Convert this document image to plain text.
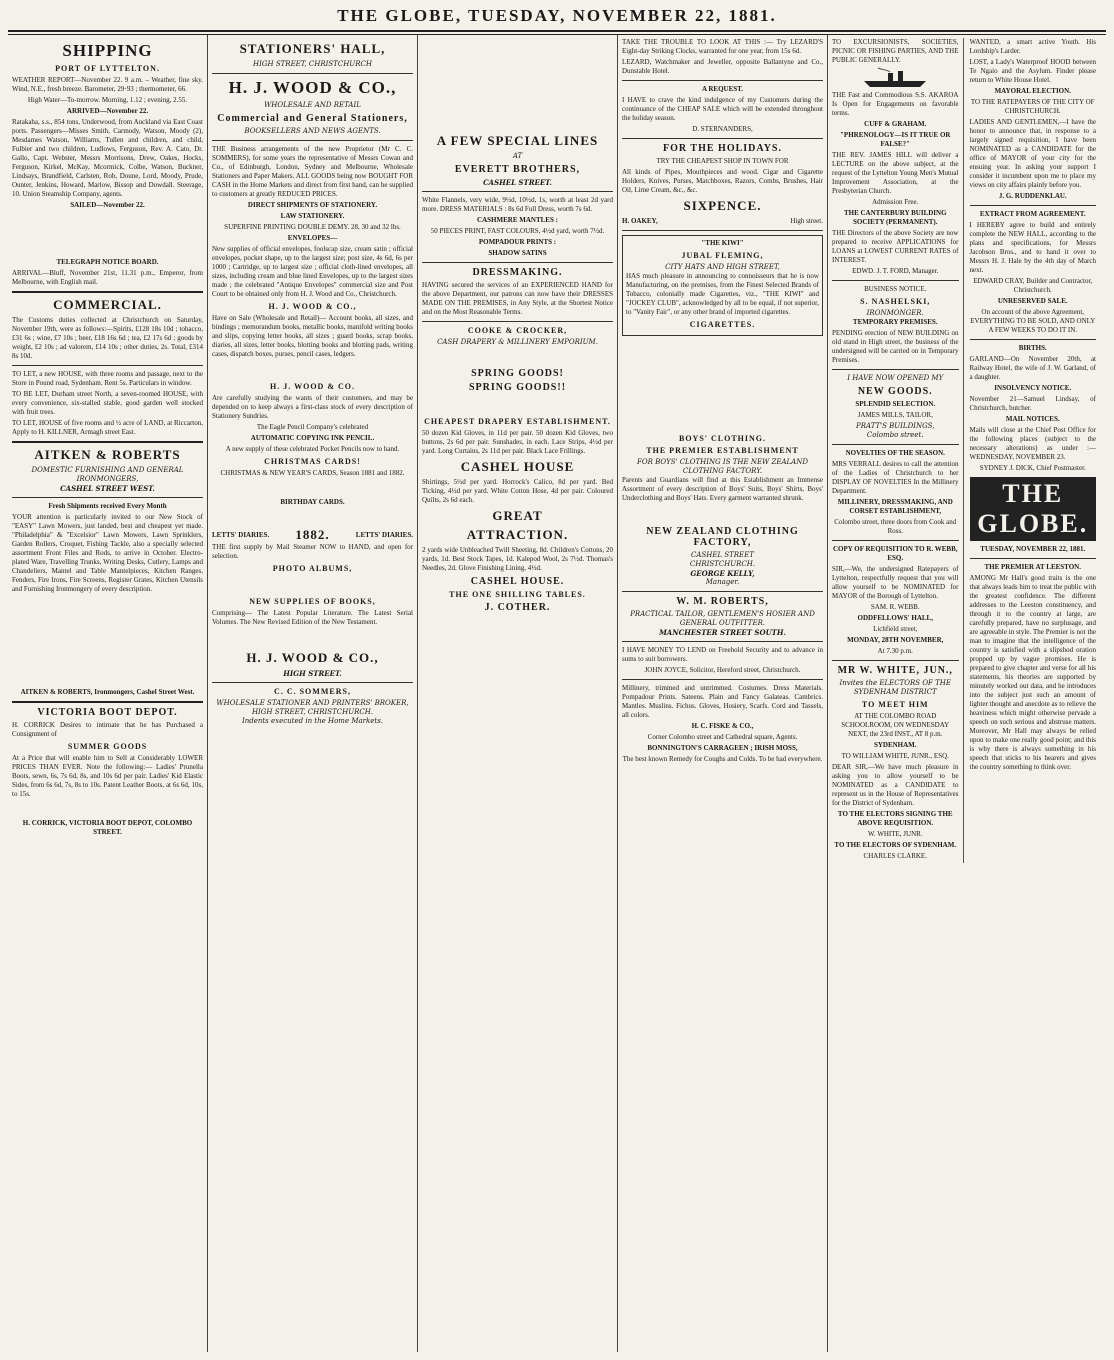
THE GLOBE, TUESDAY, NOVEMBER 22, 1881.
SHIPPING
PORT OF LYTTELTON.
WEATHER REPORT—November 22. 9 a.m. – Weather, fine sky. Wind, N.E., fresh breeze. Barometer, 29·93 ; thermometer, 66.
High Water—To-morrow. Morning, 1.12 ; evening, 2.55.
ARRIVED—November 22.
Ratakaha, s.s., 854 tons, Underwood, from Auckland via East Coast ports. Passengers—Misses Smith, Carmody, Watson, Moody (2), Mesdames Watson, Williams, Tullen and children, and child, Fulbier and two children, Ludlows, Ferguson, Rev. A. Cato, Dr. Gallo, Capt. Webster, Messrs Morrisons, Drew, Oakes, Hocks, Ferguson, Kirkel, McKay, Mcormick, Colbe, Watson, Buckner, Lindsays, Brandfield, Carlsten, Rob, Doune, Lord, Moody, Prude, Ounter, Jenkins, Howard, Marlow, Bissop and Dowdall. Steerage, 10. Union Steamship Company, agents.
SAILED—November 22.
TELEGRAPH NOTICE BOARD.
ARRIVAL—Bluff, November 21st, 11.31 p.m., Emperor, from Melbourne, with English mail.
COMMERCIAL.
The Customs duties collected at Christchurch on Saturday, November 19th, were as follows:—Spirits, £128 18s 10d ; tobacco, £31 6s ; wine, £7 10s ; beer, £18 16s 6d ; tea, £2 17s 6d ; goods by weight, £2 10s ; ad valorem, £14 10s ; other duties, 2s. Total, £314 8s 10d.
TO LET, a new HOUSE, with three rooms and passage, next to the Store in Pound road, Sydenham. Rent 5s. Particulars in window.
TO BE LET, Durham street North, a seven-roomed HOUSE, with every convenience, six-stalled stable, good garden well stocked with fruit trees.
TO LET, HOUSE of five rooms and ½ acre of LAND, at Riccarton, Apply to H. KILLNER, Armagh street East.
AITKEN & ROBERTS
DOMESTIC FURNISHING AND GENERAL IRONMONGERS,
CASHEL STREET WEST.
Fresh Shipments received Every Month
YOUR attention is particularly invited to our New Stock of "EASY" Lawn Mowers, just landed, best and cheapest yet made. "Philadelphia" & "Excelsior" Lawn Mowers, Lawn Sprinklers, Garden Rollers, Croquet, Fishing Tackle, also a specially selected assortment Front Files and Rods, to arrive in October. Electro-plated Ware, Travelling Trunks, Writing Desks, Cutlery, Lamps and Chandeliers, Mantel and Table Mantelpieces, Kitchen Ranges, Fenders, Fire Irons, Fire Screens, Register Grates, Kitchen Utensils and Furnishing Ironmongery of every description.
AITKEN & ROBERTS, Ironmongers, Cashel Street West.
VICTORIA BOOT DEPOT.
H. CORRICK Desires to intimate that he has Purchased a Consignment of
SUMMER GOODS
At a Price that will enable him to Sell at Considerably LOWER PRICES THAN EVER. Note the following:— Ladies' Prunella Boots, sewn, 6s, 7s 6d, 8s, and 10s 6d per pair. Ladies' Kid Elastic Sides, from 6s 6d, 7s, 8s to 10s. Patent Leather Boots, at 6s 6d, 10s, to 15s.
H. CORRICK, VICTORIA BOOT DEPOT, COLOMBO STREET.
STATIONERS' HALL,
HIGH STREET, CHRISTCHURCH
H. J. WOOD & CO.,
WHOLESALE AND RETAIL
Commercial and General Stationers,
BOOKSELLERS AND NEWS AGENTS.
THE Business arrangements of the new Proprietor (Mr C. C. SOMMERS), for some years the representative of Messrs Cowan and Co., of Edinburgh, London, Sydney and Melbourne, Wholesale Stationers and Paper Makers. ALL GOODS being now BOUGHT FOR CASH in the Home Markets and direct from first hand, can be supplied to customers at greatly REDUCED PRICES.
DIRECT SHIPMENTS OF STATIONERY.
LAW STATIONERY.
SUPERFINE PRINTING DOUBLE DEMY. 28, 30 and 32 lbs.
ENVELOPES—
New supplies of official envelopes, foolscap size, cream satin ; official envelopes, pocket shape, up to the largest size; post size, 4s 6d, 6s per 1000 ; Cartridge, up to largest size ; official cloth-lined envelopes, all sizes, including cream and blue lined Envelopes, up to the largest sizes made ; the celebrated "Antique Envelopes" commercial size and Post Court to be obtained only from H. J. Wood and Co., Christchurch.
H. J. WOOD & CO.,
Have on Sale (Wholesale and Retail)— Account books, all sizes, and bindings ; memorandum books, metallic books, manifold writing books and slips, copying letter books, all sizes ; guard books, scrap books, diaries, all sizes, letter books, blotting books and blotting pads, writing cases, dispatch boxes, purses, pencil cases, ledgers.
H. J. WOOD & CO.
Are carefully studying the wants of their customers, and may be depended on to keep always a first-class stock of every description of Stationery Sundries.
The Eagle Pencil Company's celebrated
AUTOMATIC COPYING INK PENCIL.
A new supply of these celebrated Pocket Pencils now to hand.
CHRISTMAS CARDS!
CHRISTMAS & NEW YEAR'S CARDS, Season 1881 and 1882.
BIRTHDAY CARDS.
LETTS' DIARIES. 1882.	LETTS' DIARIES.
THE first supply by Mail Steamer NOW to HAND, and open for selection.
PHOTO ALBUMS,
NEW SUPPLIES OF BOOKS,
Comprising— The Latest Popular Literature. The Latest Serial Volumes. The New Revised Edition of the New Testament.
H. J. WOOD & CO.,
HIGH STREET.
C. C. SOMMERS,
WHOLESALE STATIONER AND PRINTERS' BROKER,
HIGH STREET, CHRISTCHURCH.
Indents executed in the Home Markets.
A FEW SPECIAL LINES
AT
EVERETT BROTHERS,
CASHEL STREET.
White Flannels, very wide, 9½d, 10½d, 1s, worth at least 2d yard more. DRESS MATERIALS : 8s 6d Full Dress, worth 7s 6d.
CASHMERE MANTLES :
50 PIECES PRINT, FAST COLOURS, 4½d yard, worth 7½d.
POMPADOUR PRINTS :
SHADOW SATINS
DRESSMAKING.
HAVING secured the services of an EXPERIENCED HAND for the above Department, our patrons can now have their DRESSES MADE ON THE PREMISES, in Any Style, at the Shortest Notice and on the Most Reasonable Terms.
COOKE & CROCKER,
CASH DRAPERY & MILLINERY EMPORIUM.
SPRING GOODS!
SPRING GOODS!!
CHEAPEST DRAPERY ESTABLISHMENT.
50 dozen Kid Gloves, in 11d per pair. 50 dozen Kid Gloves, two buttons, 2s 6d per pair. Sunshades, in each. Lace Strips, 4½d per yard. Long Curtains, 2s 11d per pair. Black Lace Frillings.
CASHEL HOUSE
Shirtings, 5½d per yard. Horrock's Calico, 8d per yard. Bed Ticking, 4½d per yard. White Cotton Hose, 4d per pair. Coloured Quilts, 2s 6d each.
GREAT
ATTRACTION.
2 yards wide Unbleached Twill Sheeting, 8d. Children's Cottons, 20 yards, 1d. Best Stock Tapes, 1d. Kalepod Wool, 2s 7½d. Thomas's Needles, 2d. Glove Finishing Lining, 4½d.
CASHEL HOUSE.
THE ONE SHILLING TABLES.
J. COTHER.
TAKE THE TROUBLE TO LOOK AT THIS :— Try LEZARD'S Eight-day Striking Clocks, warranted for one year, from 15s 6d.
LEZARD, Watchmaker and Jeweller, opposite Ballantyne and Co., Dunstable Hotel.
A REQUEST.
I HAVE to crave the kind indulgence of my Customers during the continuance of the CHEAP SALE which will be extended throughout the holiday season.
D. STERNANDERS,
FOR THE HOLIDAYS.
TRY THE CHEAPEST SHOP IN TOWN FOR
All kinds of Pipes, Mouthpieces and wood. Cigar and Cigarette Holders, Knives, Purses, Matchboxes, Razors, Combs, Brushes, Hair Oil, Lime Cream, &c., &c.
SIXPENCE.
H. OAKEY,	High street.
"THE KIWI"
JUBAL FLEMING,
CITY HATS AND HIGH STREET,
HAS much pleasure in announcing to connoisseurs that he is now Manufacturing, on the premises, from the Finest Selected Brands of Tobacco, colonially made Cigarettes, viz., "THE KIWI" and "JOCKEY CLUB", acknowledged by all to be equal, if not superior, to "Vanity Fair", or any other brand of imported cigarettes.
CIGARETTES.
BOYS' CLOTHING.
THE PREMIER ESTABLISHMENT
FOR BOYS' CLOTHING IS THE NEW ZEALAND CLOTHING FACTORY.
Parents and Guardians will find at this Establishment an Immense Assortment of every description of Boys' Suits, Boys' Shirts, Boys' Underclothing and Boys' Hats. Every garment warranted shrunk.
NEW ZEALAND CLOTHING FACTORY,
CASHEL STREET
CHRISTCHURCH.
GEORGE KELLY,
Manager.
W. M. ROBERTS,
PRACTICAL TAILOR, GENTLEMEN'S HOSIER AND GENERAL OUTFITTER.
MANCHESTER STREET SOUTH.
I HAVE MONEY TO LEND on Freehold Security and to advance in sums to suit borrowers.
JOHN JOYCE, Solicitor, Hereford street, Christchurch.
Millinery, trimmed and untrimmed. Costumes. Dress Materials. Pompadour Prints. Sateens. Plain and Fancy Galateas. Cambrics. Mantles. Muslins. Fichus. Gloves, Hosiery, Scarfs. Cord and Tassels, all colors.
H. C. FISKE & CO.,
Corner Colombo street and Cathedral square, Agents.
BONNINGTON'S CARRAGEEN ; IRISH MOSS,
The best known Remedy for Coughs and Colds. To be had everywhere.
TO EXCURSIONISTS, SOCIETIES, PICNIC OR FISHING PARTIES, AND THE PUBLIC GENERALLY.
THE Fast and Commodious S.S. AKAROA Is Open for Engagements on favorable terms.
CUFF & GRAHAM.
"PHRENOLOGY—IS IT TRUE OR FALSE?"
THE REV. JAMES HILL will deliver a LECTURE on the above subject, at the request of the Lyttelton Young Men's Mutual Improvement Association, at the Presbyterian Church.
Admission Free.
THE CANTERBURY BUILDING SOCIETY (PERMANENT).
THE Directors of the above Society are now prepared to receive APPLICATIONS for LOANS at LOWEST CURRENT RATES of INTEREST.
EDWD. J. T. FORD, Manager.
BUSINESS NOTICE.
S. NASHELSKI,
IRONMONGER.
TEMPORARY PREMISES.
PENDING erection of NEW BUILDING on old stand in High street, the business of the undersigned will be carried on in Temporary Premises.
I HAVE NOW OPENED MY
NEW GOODS.
SPLENDID SELECTION.
JAMES MILLS, TAILOR,
PRATT'S BUILDINGS,
Colombo street.
NOVELTIES OF THE SEASON.
MRS VERRALL desires to call the attention of the Ladies of Christchurch to her DISPLAY OF NOVELTIES In the Millinery Department.
MILLINERY, DRESSMAKING, AND CORSET ESTABLISHMENT,
Colombo street, three doors from Cook and Ross.
COPY OF REQUISITION TO R. WEBB, ESQ.
SIR,—We, the undersigned Ratepayers of Lyttelton, respectfully request that you will allow yourself to be NOMINATED for MAYOR of the Borough of Lyttelton.
SAM. R. WEBB.
ODDFELLOWS' HALL,
Lichfield street,
MONDAY, 28TH NOVEMBER,
At 7.30 p.m.
MR W. WHITE, JUN.,
Invites the ELECTORS OF THE SYDENHAM DISTRICT
TO MEET HIM
AT THE COLOMBO ROAD SCHOOLROOM, ON WEDNESDAY NEXT, the 23rd INST., AT 8 p.m.
SYDENHAM.
TO WILLIAM WHITE, JUNR., ESQ.
DEAR SIR,—We have much pleasure in asking you to allow yourself to be NOMINATED as a CANDIDATE to represent us in the House of Representatives for the District of Sydenham.
TO THE ELECTORS SIGNING THE ABOVE REQUISITION.
W. WHITE, JUNR.
TO THE ELECTORS OF SYDENHAM.
CHARLES CLARKE.
WANTED, a smart active Youth. His Lordship's Larder.
LOST, a Lady's Waterproof HOOD between Te Ngaio and the Asylum. Finder please return to White House Hotel.
MAYORAL ELECTION.
TO THE RATEPAYERS OF THE CITY OF CHRISTCHURCH.
LADIES AND GENTLEMEN,—I have the honor to announce that, in response to a largely signed requisition, I have been NOMINATED as a CANDIDATE for the office of MAYOR of your city for the ensuing year. In asking your support I consider it incumbent upon me to place my views on city affairs plainly before you.
J. G. RUDDENKLAU.
EXTRACT FROM AGREEMENT.
I HEREBY agree to build and entirely complete the NEW HALL, according to the plans and specifications, for Messrs Jacobson Bros., and to hand it over to Messrs H. J. Hale by the 4th day of March next.
EDWARD CRAY, Builder and Contractor, Christchurch.
UNRESERVED SALE.
On account of the above Agreement, EVERYTHING TO BE SOLD, AND ONLY A FEW WEEKS TO DO IT IN.
BIRTHS.
GARLAND—On November 20th, at Railway Hotel, the wife of J. W. Garland, of a daughter.
INSOLVENCY NOTICE.
November 21—Samuel Lindsay, of Christchurch, butcher.
MAIL NOTICES.
Mails will close at the Chief Post Office for the following places (subject to the necessary alterations) as under :— WEDNESDAY, NOVEMBER 23.
SYDNEY J. DICK, Chief Postmaster.
THE GLOBE.
TUESDAY, NOVEMBER 22, 1881.
THE PREMIER AT LEESTON.
AMONG Mr Hall's good traits is the one that always leads him to treat the public with the greatest confidence. The different addresses to the Leeston constituency, and through it to the country at large, are carefully prepared, have no surplusage, and are agreeable in style. The Premier is not the man to imagine that the intelligence of the country is satisfied with a slipshod oration propped up by vague promises. He is prepared to give chapter and verse for all his statements, his theories are supported by minutely worked out data, and he introduces into the subject just such an amount of lighter thought and anecdote as to relieve the heaviness which might otherwise pervade a speech on such serious and abstruse matters. Moreover, Mr Hall may always be relied upon to make one really good point; and this is why there is always something in his speech that sticks to his hearers and gives the country something to think over.
